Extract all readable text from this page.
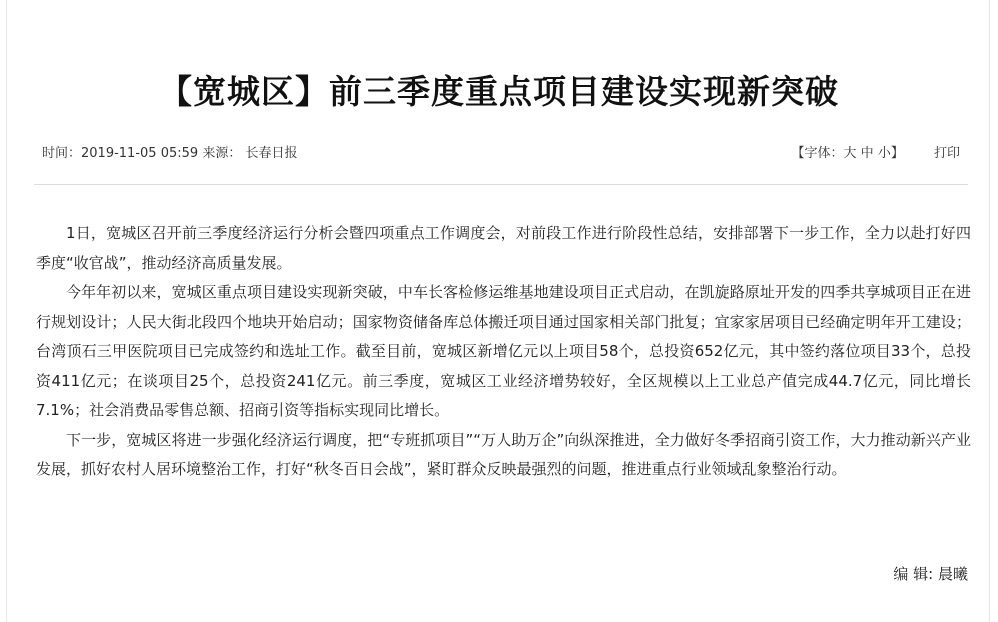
【宽城区】前三季度重点项目建设实现新突破
时间：2019-11-05 05:59 来源： 长春日报	【字体：大 中 小】 打印

1日，宽城区召开前三季度经济运行分析会暨四项重点工作调度会，对前段工作进行阶段性总结，安排部署下一步工作，全力以赴打好四季度“收官战”，推动经济高质量发展。

今年年初以来，宽城区重点项目建设实现新突破，中车长客检修运维基地建设项目正式启动，在凯旋路原址开发的四季共享城项目正在进行规划设计；人民大街北段四个地块开始启动；国家物资储备库总体搬迁项目通过国家相关部门批复；宜家家居项目已经确定明年开工建设；台湾顶石三甲医院项目已完成签约和选址工作。截至目前，宽城区新增亿元以上项目58个，总投资652亿元，其中签约落位项目33个，总投资411亿元；在谈项目25个，总投资241亿元。前三季度，宽城区工业经济增势较好，全区规模以上工业总产值完成44.7亿元，同比增长7.1%；社会消费品零售总额、招商引资等指标实现同比增长。

下一步，宽城区将进一步强化经济运行调度，把“专班抓项目”“万人助万企”向纵深推进，全力做好冬季招商引资工作，大力推动新兴产业发展，抓好农村人居环境整治工作，打好“秋冬百日会战”，紧盯群众反映最强烈的问题，推进重点行业领域乱象整治行动。

编 辑: 晨曦
